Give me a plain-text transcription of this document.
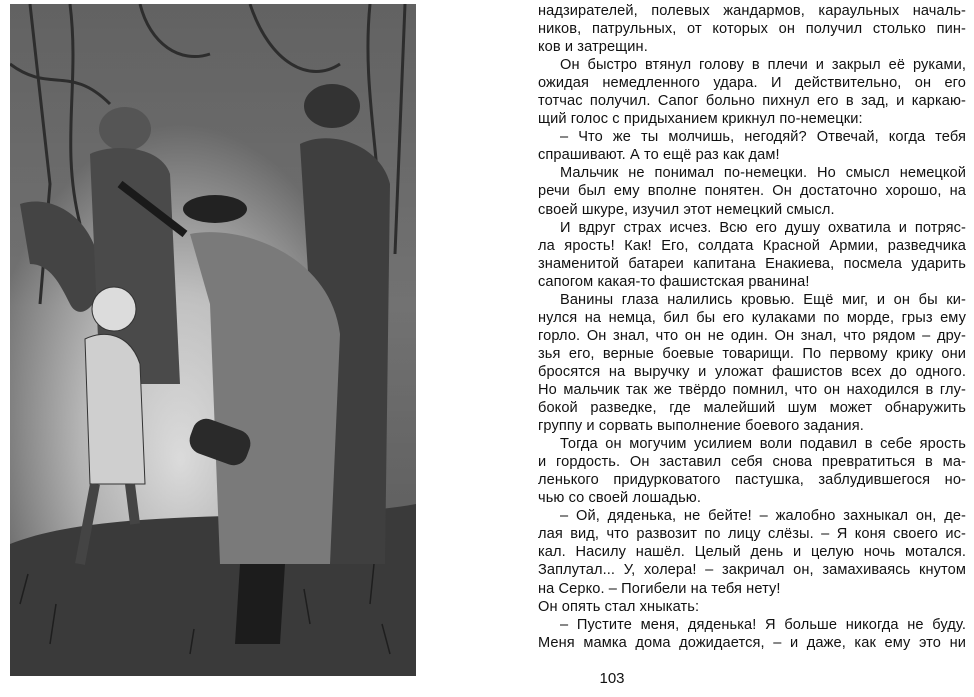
надзирателей, полевых жандармов, караульных началь-
ников, патрульных, от которых он получил столько пин-
ков и затрещин.
Он быстро втянул голову в плечи и закрыл её руками,
ожидая немедленного удара. И действительно, он его
тотчас получил. Сапог больно пихнул его в зад, и каркаю-
щий голос с придыханием крикнул по-немецки:
– Что же ты молчишь, негодяй? Отвечай, когда тебя
спрашивают. А то ещё раз как дам!
Мальчик не понимал по-немецки. Но смысл немецкой
речи был ему вполне понятен. Он достаточно хорошо, на
своей шкуре, изучил этот немецкий смысл.
И вдруг страх исчез. Всю его душу охватила и потряс-
ла ярость! Как! Его, солдата Красной Армии, разведчика
знаменитой батареи капитана Енакиева, посмела ударить
сапогом какая-то фашистская рванина!
Ванины глаза налились кровью. Ещё миг, и он бы ки-
нулся на немца, бил бы его кулаками по морде, грыз ему
горло. Он знал, что он не один. Он знал, что рядом – дру-
зья его, верные боевые товарищи. По первому крику они
бросятся на выручку и уложат фашистов всех до одного.
Но мальчик так же твёрдо помнил, что он находился в глу-
бокой разведке, где малейший шум может обнаружить
группу и сорвать выполнение боевого задания.
Тогда он могучим усилием воли подавил в себе ярость
и гордость. Он заставил себя снова превратиться в ма-
ленького придурковатого пастушка, заблудившегося но-
чью со своей лошадью.
– Ой, дяденька, не бейте! – жалобно захныкал он, де-
лая вид, что развозит по лицу слёзы. – Я коня своего ис-
кал. Насилу нашёл. Целый день и целую ночь мотался.
Заплутал... У, холера! – закричал он, замахиваясь кнутом
на Серко. – Погибели на тебя нету!
Он опять стал хныкать:
– Пустите меня, дяденька! Я больше никогда не буду.
Меня мамка дома дожидается, – и даже, как ему это ни
103
